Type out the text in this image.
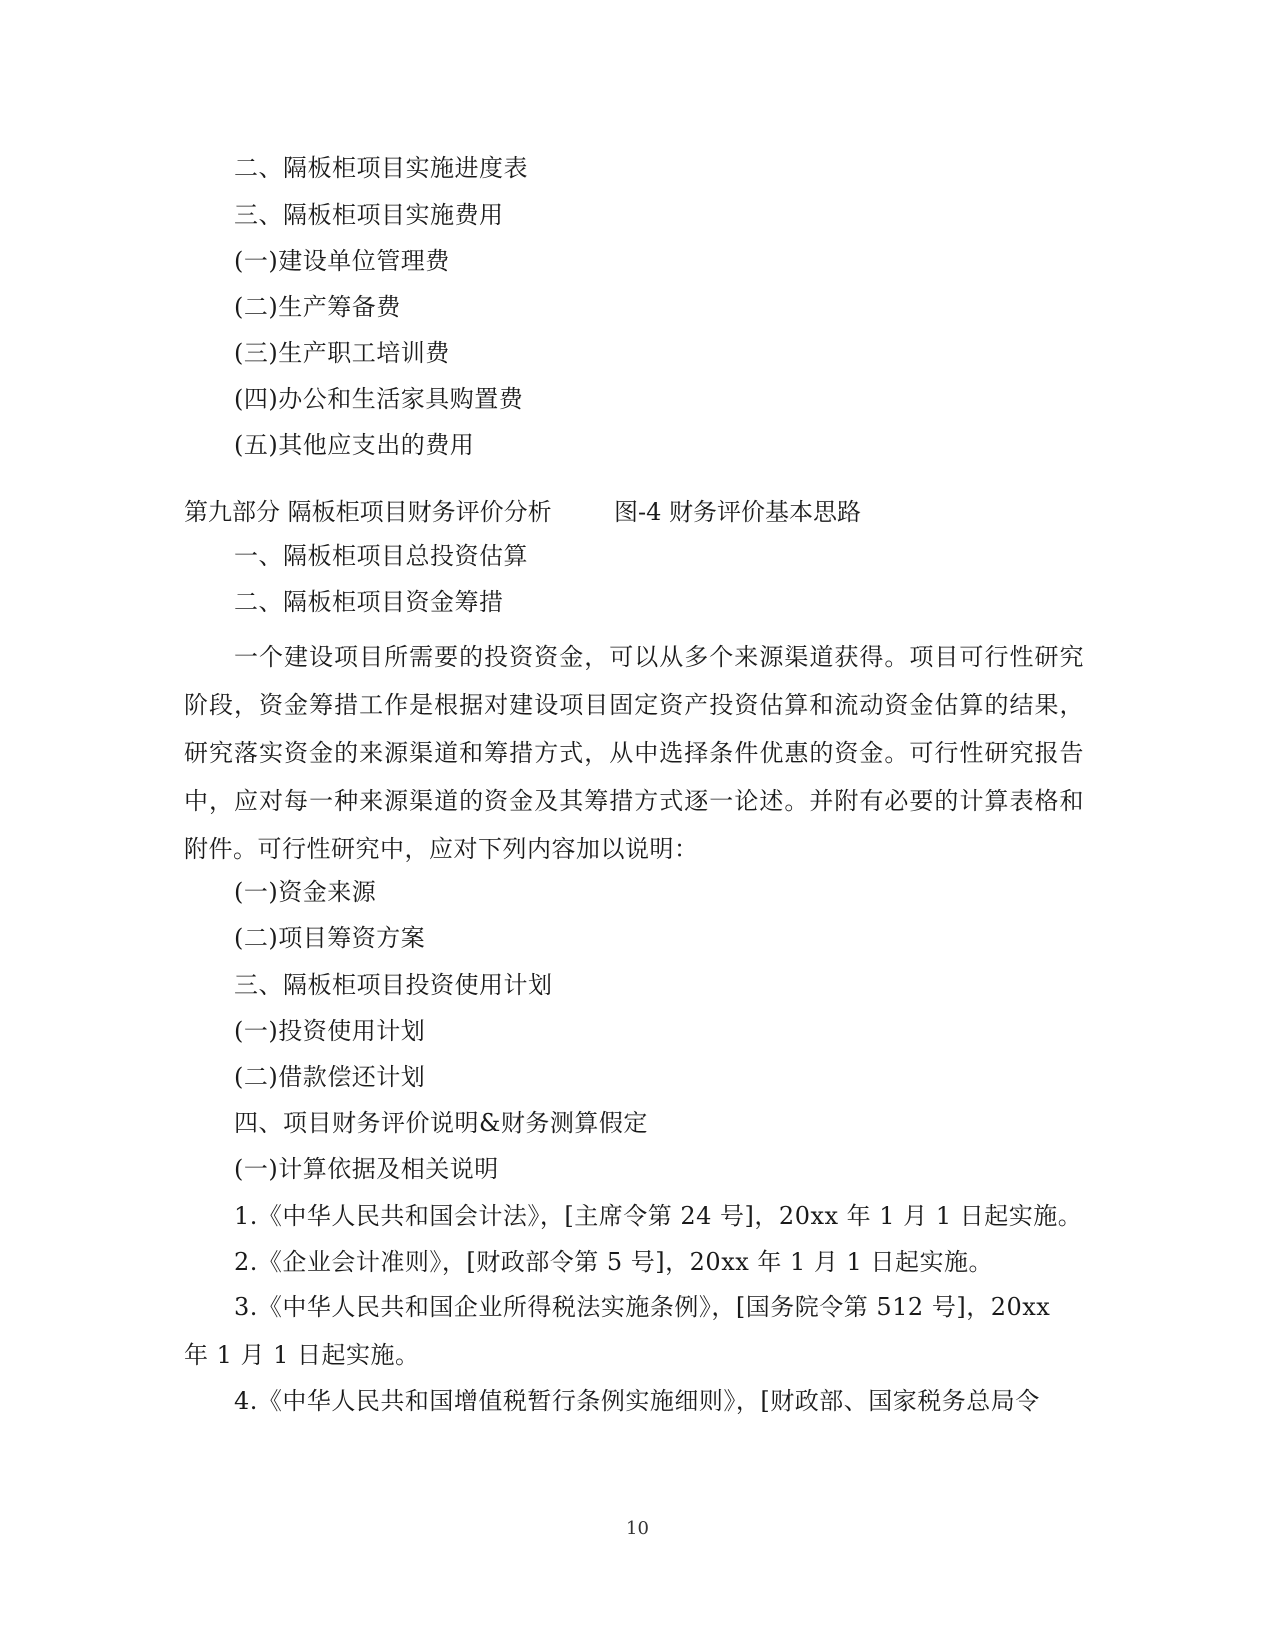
二、隔板柜项目实施进度表
三、隔板柜项目实施费用
(一)建设单位管理费
(二)生产筹备费
(三)生产职工培训费
(四)办公和生活家具购置费
(五)其他应支出的费用
第九部分 隔板柜项目财务评价分析	图-4 财务评价基本思路
一、隔板柜项目总投资估算
二、隔板柜项目资金筹措
一个建设项目所需要的投资资金，可以从多个来源渠道获得。项目可行性研究阶段，资金筹措工作是根据对建设项目固定资产投资估算和流动资金估算的结果，研究落实资金的来源渠道和筹措方式，从中选择条件优惠的资金。可行性研究报告中，应对每一种来源渠道的资金及其筹措方式逐一论述。并附有必要的计算表格和附件。可行性研究中，应对下列内容加以说明：
(一)资金来源
(二)项目筹资方案
三、隔板柜项目投资使用计划
(一)投资使用计划
(二)借款偿还计划
四、项目财务评价说明&财务测算假定
(一)计算依据及相关说明
1.《中华人民共和国会计法》，[主席令第 24 号]，20xx 年 1 月 1 日起实施。
2.《企业会计准则》，[财政部令第 5 号]，20xx 年 1 月 1 日起实施。
3.《中华人民共和国企业所得税法实施条例》，[国务院令第 512 号]，20xx 年 1 月 1 日起实施。
4.《中华人民共和国增值税暂行条例实施细则》，[财政部、国家税务总局令
10
